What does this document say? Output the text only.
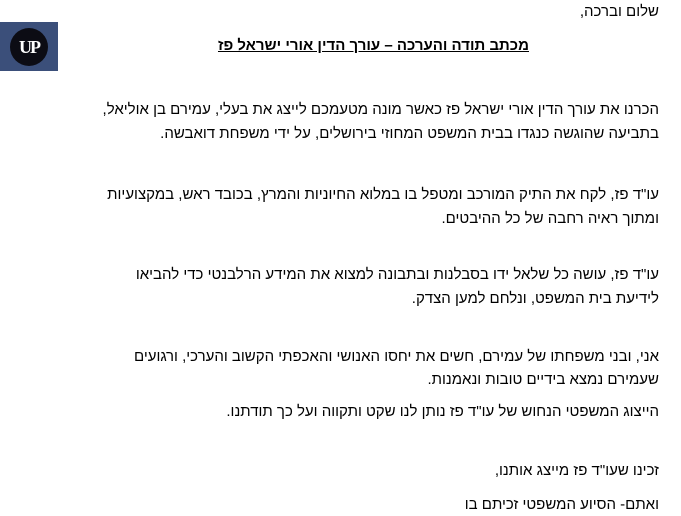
UP
שלום וברכה,
מכתב תודה והערכה – עורך הדין אורי ישראל פז
הכרנו את עורך הדין אורי ישראל פז כאשר מונה מטעמכם לייצג את בעלי, עמירם בן אוליאל,
בתביעה שהוגשה כנגדו בבית המשפט המחוזי בירושלים, על ידי משפחת דואבשה.
עו"ד פז, לקח את התיק המורכב ומטפל בו במלוא החיוניות והמרץ, בכובד ראש, במקצועיות
ומתוך ראיה רחבה של כל ההיבטים.
עו"ד פז, עושה כל שלאל ידו בסבלנות ובתבונה למצוא את המידע הרלבנטי כדי להביאו
לידיעת בית המשפט, ונלחם למען הצדק.
אני, ובני משפחתו של עמירם, חשים את יחסו האנושי והאכפתי הקשוב והערכי, ורגועים
שעמירם נמצא בידיים טובות ונאמנות.
הייצוג המשפטי הנחוש של עו"ד פז נותן לנו שקט ותקווה ועל כך תודתנו.
זכינו שעו"ד פז מייצג אותנו,
ואתם- הסיוע המשפטי זכיתם בו
